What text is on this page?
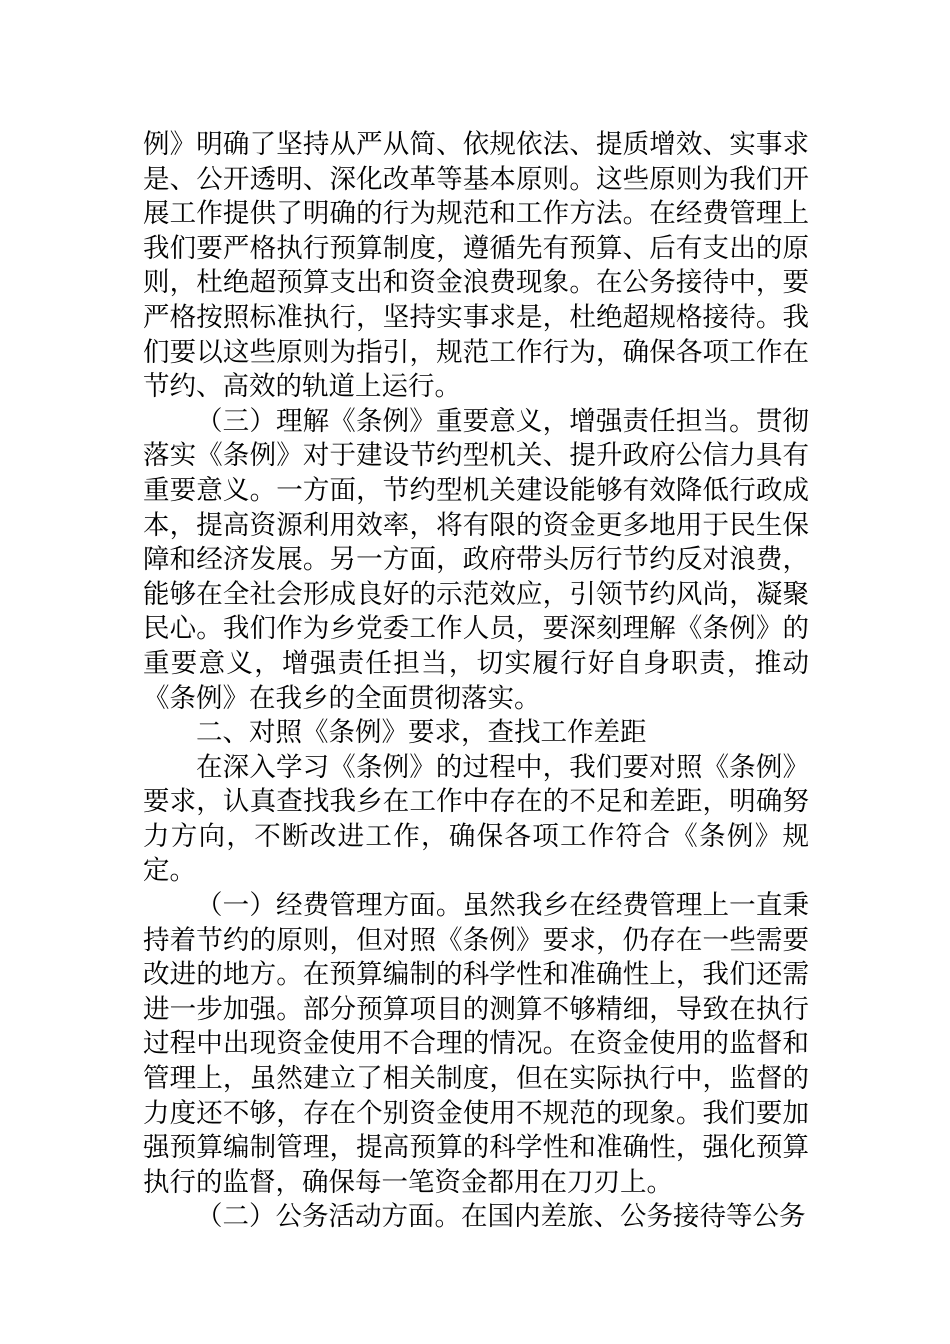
例》明确了坚持从严从简、依规依法、提质增效、实事求是、公开透明、深化改革等基本原则。这些原则为我们开展工作提供了明确的行为规范和工作方法。在经费管理上我们要严格执行预算制度，遵循先有预算、后有支出的原则，杜绝超预算支出和资金浪费现象。在公务接待中，要严格按照标准执行，坚持实事求是，杜绝超规格接待。我们要以这些原则为指引，规范工作行为，确保各项工作在节约、高效的轨道上运行。

（三）理解《条例》重要意义，增强责任担当。贯彻落实《条例》对于建设节约型机关、提升政府公信力具有重要意义。一方面，节约型机关建设能够有效降低行政成本，提高资源利用效率，将有限的资金更多地用于民生保障和经济发展。另一方面，政府带头厉行节约反对浪费，能够在全社会形成良好的示范效应，引领节约风尚，凝聚民心。我们作为乡党委工作人员，要深刻理解《条例》的重要意义，增强责任担当，切实履行好自身职责，推动《条例》在我乡的全面贯彻落实。

二、对照《条例》要求，查找工作差距

在深入学习《条例》的过程中，我们要对照《条例》要求，认真查找我乡在工作中存在的不足和差距，明确努力方向，不断改进工作，确保各项工作符合《条例》规定。

（一）经费管理方面。虽然我乡在经费管理上一直秉持着节约的原则，但对照《条例》要求，仍存在一些需要改进的地方。在预算编制的科学性和准确性上，我们还需进一步加强。部分预算项目的测算不够精细，导致在执行过程中出现资金使用不合理的情况。在资金使用的监督和管理上，虽然建立了相关制度，但在实际执行中，监督的力度还不够，存在个别资金使用不规范的现象。我们要加强预算编制管理，提高预算的科学性和准确性，强化预算执行的监督，确保每一笔资金都用在刀刃上。

（二）公务活动方面。在国内差旅、公务接待等公务
